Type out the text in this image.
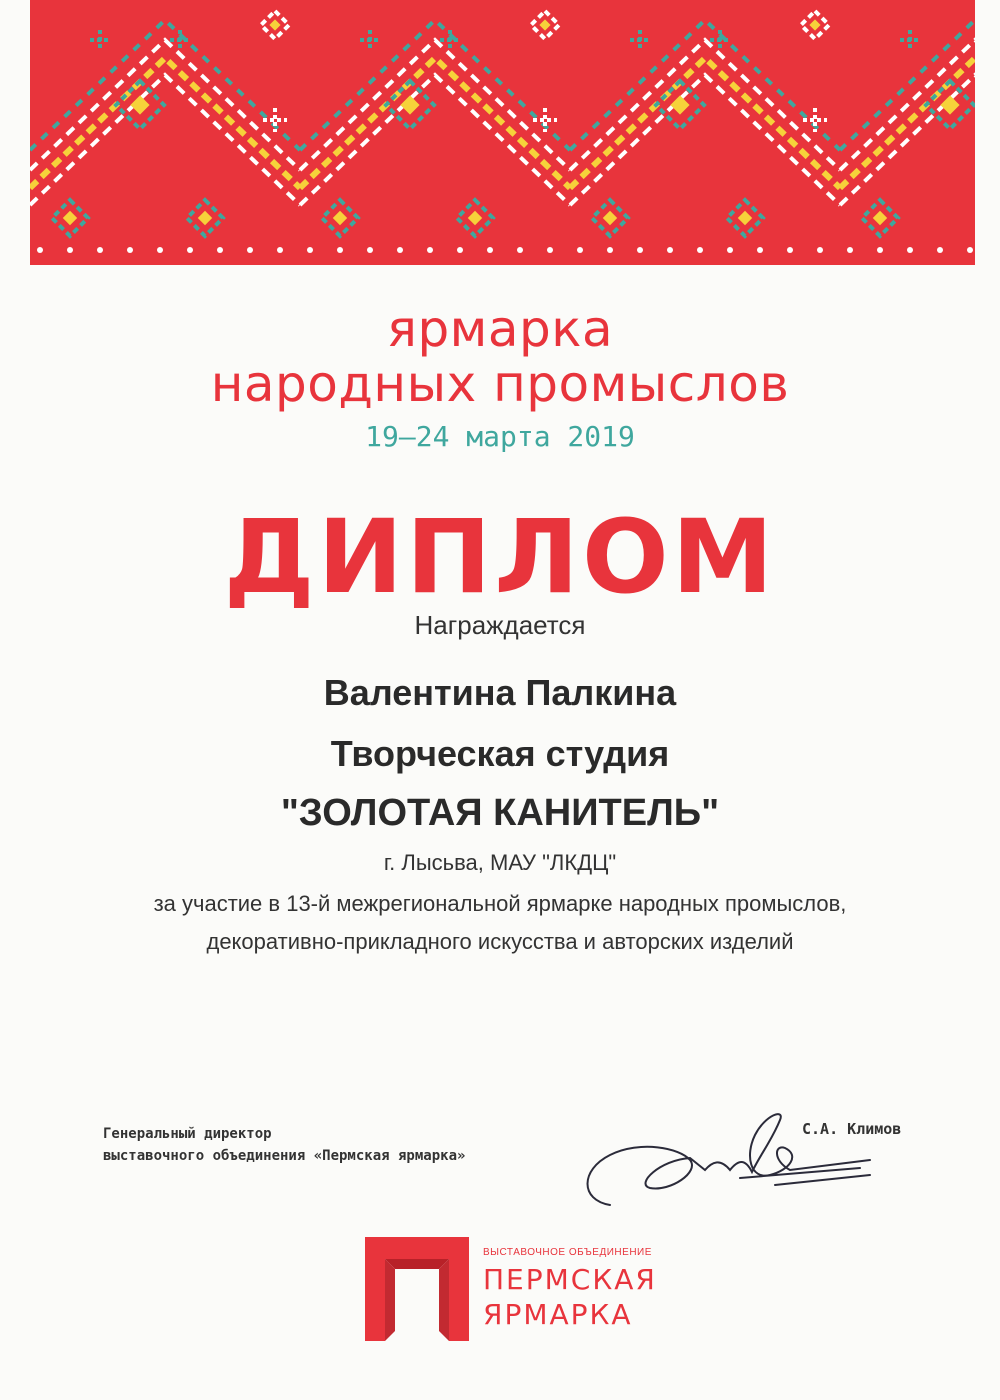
ярмарка
народных промыслов
19–24 марта 2019
ДИПЛОМ
Награждается
Валентина Палкина
Творческая студия
"ЗОЛОТАЯ КАНИТЕЛЬ"
г. Лысьва, МАУ "ЛКДЦ"
за участие в 13-й межрегиональной ярмарке народных промыслов, декоративно-прикладного искусства и авторских изделий
Генеральный директор
выставочного объединения «Пермская ярмарка»
С.А. Климов
ВЫСТАВОЧНОЕ ОБЪЕДИНЕНИЕ
ПЕРМСКАЯ
ЯРМАРКА
